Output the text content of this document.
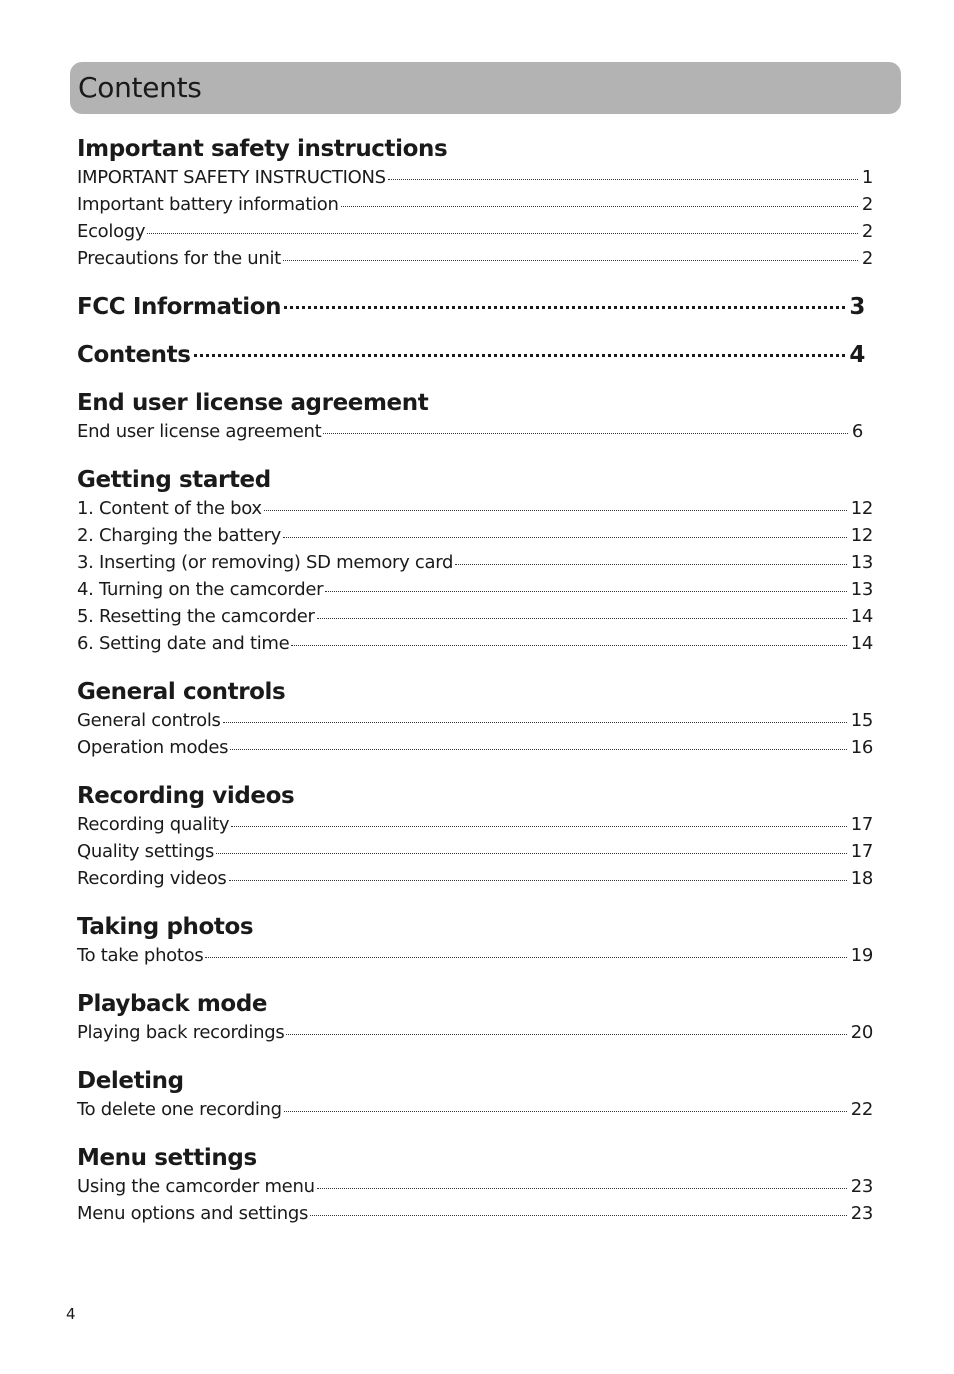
Contents
Important safety instructions
IMPORTANT SAFETY INSTRUCTIONS	1
Important battery information	2
Ecology	2
Precautions for the unit	2
FCC Information	3
Contents	4
End user license agreement
End user license agreement	6
Getting started
1. Content of the box	12
2. Charging the battery	12
3. Inserting (or removing) SD memory card	13
4. Turning on the camcorder	13
5. Resetting the camcorder	14
6. Setting date and time	14
General controls
General controls	15
Operation modes	16
Recording videos
Recording quality	17
Quality settings	17
Recording videos	18
Taking photos
To take photos	19
Playback mode
Playing back recordings	20
Deleting
To delete one recording	22
Menu settings
Using the camcorder menu	23
Menu options and settings	23
4
